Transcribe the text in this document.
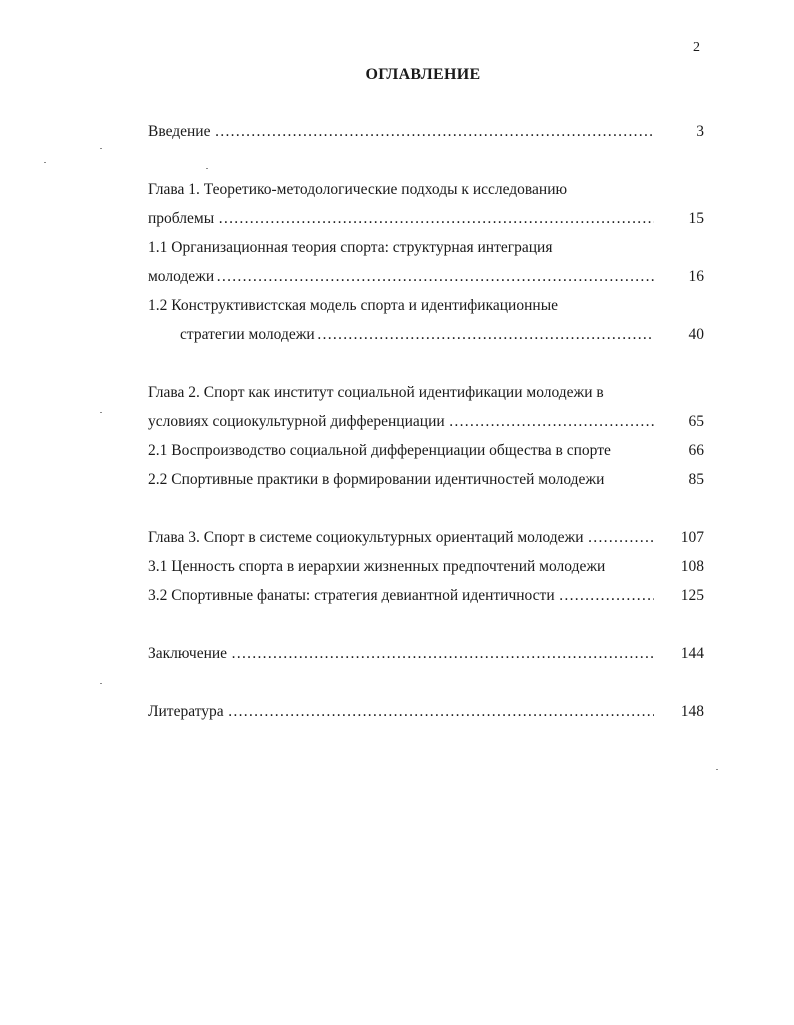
2
ОГЛАВЛЕНИЕ
Введение …………………………………………………………………………………………………………………………………………	3
Глава 1. Теоретико-методологические подходы к исследованию
проблемы …………………………………………………………………………………………………………………………………………	15
1.1 Организационная теория спорта: структурная интеграция
молодежи …………………………………………………………………………………………………………………………………………	16
1.2 Конструктивистская модель спорта и идентификационные
стратегии молодежи …………………………………………………………………………………………………………………………………………	40
Глава 2. Спорт как институт социальной идентификации молодежи в
условиях социокультурной дифференциации …………………………………………………………………………………………………………………………………………	65
2.1 Воспроизводство социальной дифференциации общества в спорте	66
2.2 Спортивные практики в формировании идентичностей молодежи	85
Глава 3. Спорт в системе социокультурных ориентаций молодежи …………………………………………………………………………………………………………………………………………	107
3.1 Ценность спорта в иерархии жизненных предпочтений молодежи	108
3.2 Спортивные фанаты: стратегия девиантной идентичности …………………………………………………………………………………………………………………………………………	125
Заключение …………………………………………………………………………………………………………………………………………	144
Литература …………………………………………………………………………………………………………………………………………	148
